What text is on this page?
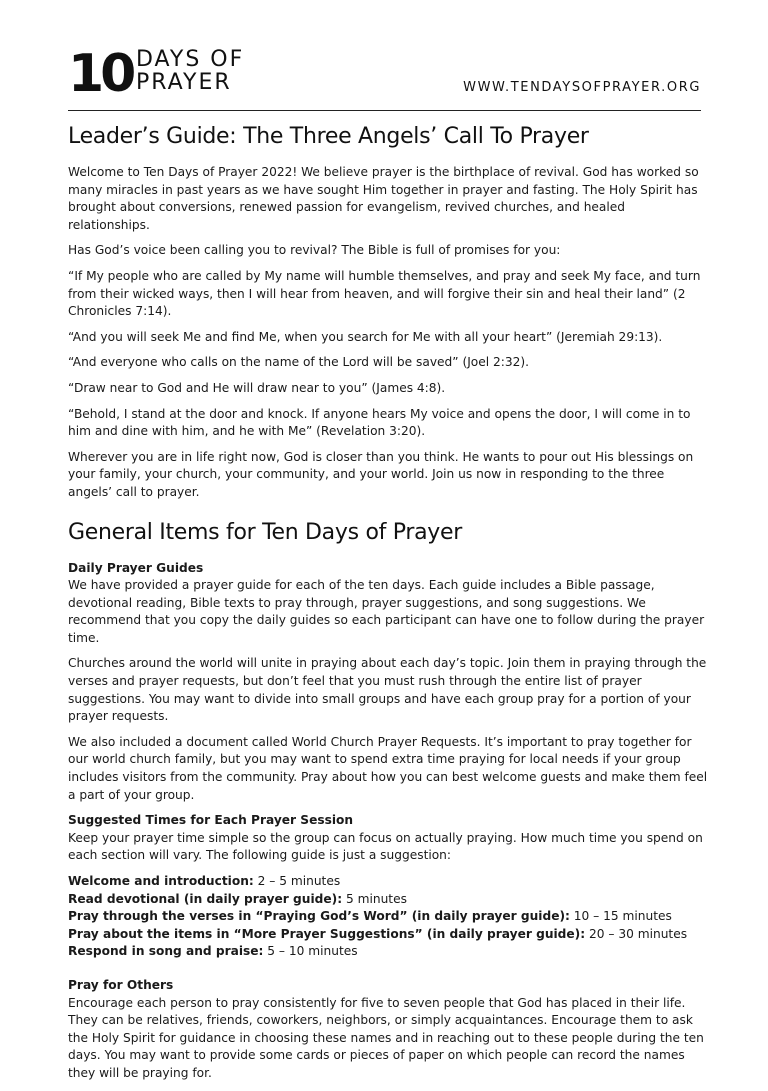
10 DAYS OF
PRAYER	WWW.TENDAYSOFPRAYER.ORG
Leader’s Guide: The Three Angels’ Call To Prayer

Welcome to Ten Days of Prayer 2022! We believe prayer is the birthplace of revival. God has worked so many miracles in past years as we have sought Him together in prayer and fasting. The Holy Spirit has brought about conversions, renewed passion for evangelism, revived churches, and healed relationships.

Has God’s voice been calling you to revival? The Bible is full of promises for you:

“If My people who are called by My name will humble themselves, and pray and seek My face, and turn from their wicked ways, then I will hear from heaven, and will forgive their sin and heal their land” (2 Chronicles 7:14).

“And you will seek Me and find Me, when you search for Me with all your heart” (Jeremiah 29:13).

“And everyone who calls on the name of the Lord will be saved” (Joel 2:32).

“Draw near to God and He will draw near to you” (James 4:8).

“Behold, I stand at the door and knock. If anyone hears My voice and opens the door, I will come in to him and dine with him, and he with Me” (Revelation 3:20).

Wherever you are in life right now, God is closer than you think. He wants to pour out His blessings on your family, your church, your community, and your world. Join us now in responding to the three angels’ call to prayer.

General Items for Ten Days of Prayer
Daily Prayer Guides

We have provided a prayer guide for each of the ten days. Each guide includes a Bible passage, devotional reading, Bible texts to pray through, prayer suggestions, and song suggestions. We recommend that you copy the daily guides so each participant can have one to follow during the prayer time.

Churches around the world will unite in praying about each day’s topic. Join them in praying through the verses and prayer requests, but don’t feel that you must rush through the entire list of prayer suggestions. You may want to divide into small groups and have each group pray for a portion of your prayer requests.

We also included a document called World Church Prayer Requests. It’s important to pray together for our world church family, but you may want to spend extra time praying for local needs if your group includes visitors from the community. Pray about how you can best welcome guests and make them feel a part of your group.

Suggested Times for Each Prayer Session

Keep your prayer time simple so the group can focus on actually praying. How much time you spend on each section will vary. The following guide is just a suggestion:

Welcome and introduction: 2 – 5 minutes
Read devotional (in daily prayer guide): 5 minutes
Pray through the verses in “Praying God’s Word” (in daily prayer guide): 10 – 15 minutes
Pray about the items in “More Prayer Suggestions” (in daily prayer guide): 20 – 30 minutes
Respond in song and praise: 5 – 10 minutes
Pray for Others

Encourage each person to pray consistently for five to seven people that God has placed in their life. They can be relatives, friends, coworkers, neighbors, or simply acquaintances. Encourage them to ask the Holy Spirit for guidance in choosing these names and in reaching out to these people during the ten days. You may want to provide some cards or pieces of paper on which people can record the names they will be praying for.
